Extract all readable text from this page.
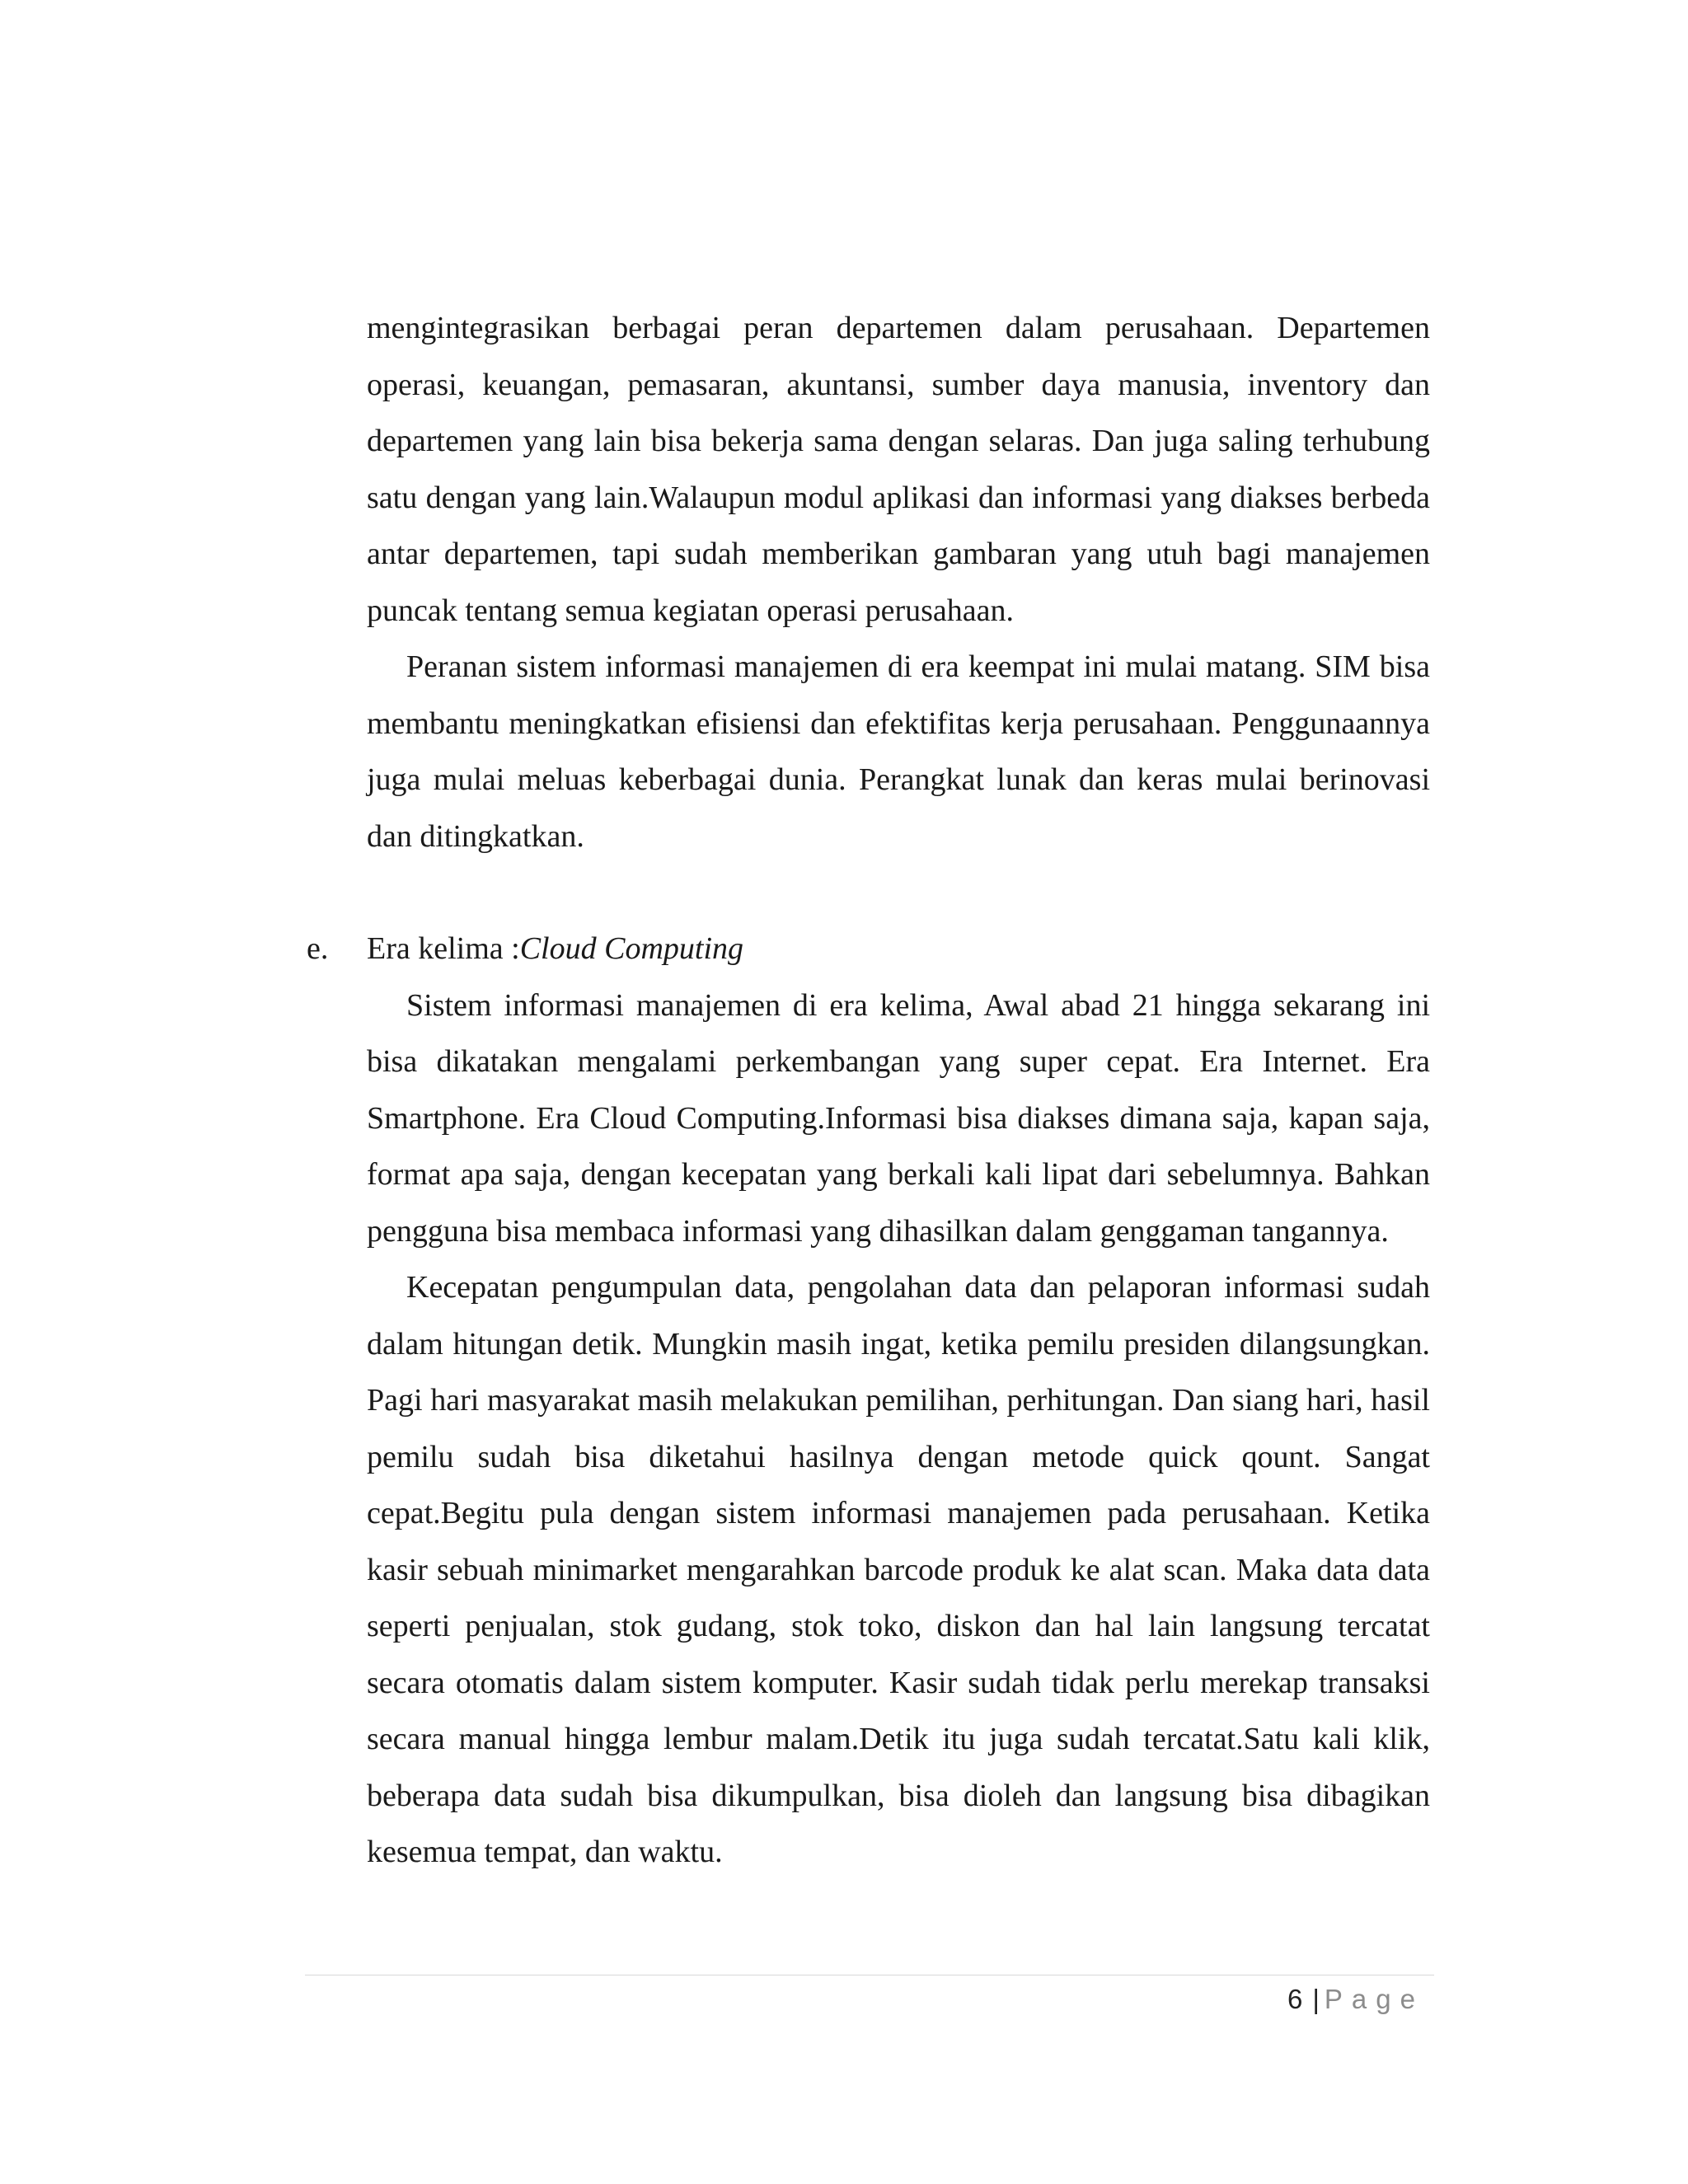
mengintegrasikan berbagai peran departemen dalam perusahaan. Departemen operasi, keuangan, pemasaran, akuntansi, sumber daya manusia, inventory dan departemen yang lain bisa bekerja sama dengan selaras. Dan juga saling terhubung satu dengan yang lain.Walaupun modul aplikasi dan informasi yang diakses berbeda antar departemen, tapi sudah memberikan gambaran yang utuh bagi manajemen puncak tentang semua kegiatan operasi perusahaan.

Peranan sistem informasi manajemen di era keempat ini mulai matang. SIM bisa membantu meningkatkan efisiensi dan efektifitas kerja perusahaan. Penggunaannya juga mulai meluas keberbagai dunia. Perangkat lunak dan keras mulai berinovasi dan ditingkatkan.

e. Era kelima :Cloud Computing

Sistem informasi manajemen di era kelima, Awal abad 21 hingga sekarang ini bisa dikatakan mengalami perkembangan yang super cepat. Era Internet. Era Smartphone. Era Cloud Computing.Informasi bisa diakses dimana saja, kapan saja, format apa saja, dengan kecepatan yang berkali kali lipat dari sebelumnya. Bahkan pengguna bisa membaca informasi yang dihasilkan dalam genggaman tangannya.

Kecepatan pengumpulan data, pengolahan data dan pelaporan informasi sudah dalam hitungan detik. Mungkin masih ingat, ketika pemilu presiden dilangsungkan. Pagi hari masyarakat masih melakukan pemilihan, perhitungan. Dan siang hari, hasil pemilu sudah bisa diketahui hasilnya dengan metode quick qount. Sangat cepat.Begitu pula dengan sistem informasi manajemen pada perusahaan. Ketika kasir sebuah minimarket mengarahkan barcode produk ke alat scan. Maka data data seperti penjualan, stok gudang, stok toko, diskon dan hal lain langsung tercatat secara otomatis dalam sistem komputer. Kasir sudah tidak perlu merekap transaksi secara manual hingga lembur malam.Detik itu juga sudah tercatat.Satu kali klik, beberapa data sudah bisa dikumpulkan, bisa dioleh dan langsung bisa dibagikan kesemua tempat, dan waktu.

6 | Page
